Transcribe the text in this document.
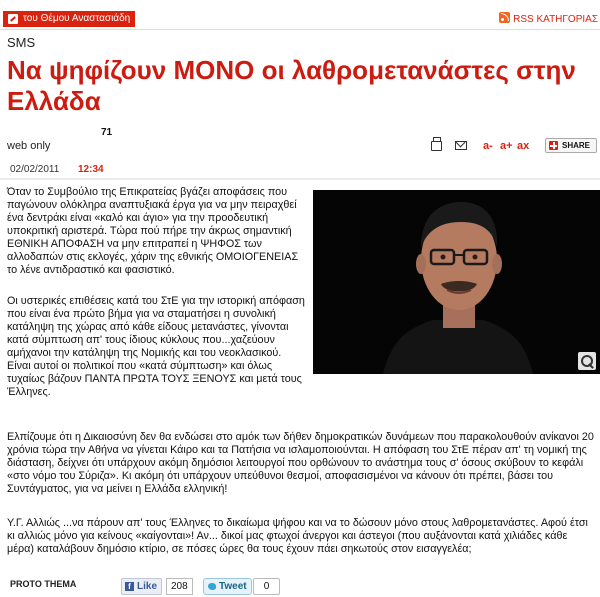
του Θέμου Αναστασιάδη	RSS ΚΑΤΗΓΟΡΙΑΣ
SMS
Να ψηφίζουν ΜΟΝΟ οι λαθρομετανάστες στην Ελλάδα
web only
71
02/02/2011 12:34
a- a+ ax	SHARE

Όταν το Συμβούλιο της Επικρατείας βγάζει αποφάσεις που παγώνουν ολόκληρα αναπτυξιακά έργα για να μην πειραχθεί ένα δεντράκι είναι «καλό και άγιο» για την προοδευτική υποκριτική αριστερά. Τώρα πού πήρε την άκρως σημαντική ΕΘΝΙΚΗ ΑΠΟΦΑΣΗ να μην επιτραπεί η ΨΗΦΟΣ των αλλοδαπών στις εκλογές, χάριν της εθνικής ΟΜΟΙΟΓΕΝΕΙΑΣ το λένε αντιδραστικό και φασιστικό.

Οι υστερικές επιθέσεις κατά του ΣτΕ για την ιστορική απόφαση που είναι ένα πρώτο βήμα για να σταματήσει η συνολική κατάληψη της χώρας από κάθε είδους μετανάστες, γίνονται κατά σύμπτωση απ' τους ίδιους κύκλους που...χαζεύουν αμήχανοι την κατάληψη της Νομικής και του νεοκλασικού. Είναι αυτοί οι πολιτικοί που «κατά σύμπτωση» και όλως τυχαίως βάζουν ΠΑΝΤΑ ΠΡΩΤΑ ΤΟΥΣ ΞΕΝΟΥΣ και μετά τους Έλληνες.

Ελπίζουμε ότι η Δικαιοσύνη δεν θα ενδώσει στο αμόκ των δήθεν δημοκρατικών δυνάμεων που παρακολουθούν ανίκανοι 20 χρόνια τώρα την Αθήνα να γίνεται Κάιρο και τα Πατήσια να ισλαμοποιούνται. Η απόφαση του ΣτΕ πέραν απ' τη νομική της διάσταση, δείχνει ότι υπάρχουν ακόμη δημόσιοι λειτουργοί που ορθώνουν το ανάστημα τους σ' όσους σκύβουν το κεφάλι «στο νόμο του Σύριζα». Κι ακόμη ότι υπάρχουν υπεύθυνοι θεσμοί, αποφασισμένοι να κάνουν ότι πρέπει, βάσει του Συντάγματος, για να μείνει η Ελλάδα ελληνική!

Υ.Γ. Αλλιώς ...να πάρουν απ' τους Έλληνες το δικαίωμα ψήφου και να το δώσουν μόνο στους λαθρομετανάστες. Αφού έτσι κι αλλιώς μόνο για κείνους «καίγονται»! Αν... δικοί μας φτωχοί άνεργοι και άστεγοι (που αυξάνονται κατά χιλιάδες κάθε μέρα) καταλάβουν δημόσιο κτίριο, σε πόσες ώρες θα τους έχουν πάει σηκωτούς στον εισαγγελέα;

PROTO THEMA	f Like	208	Tweet	0
